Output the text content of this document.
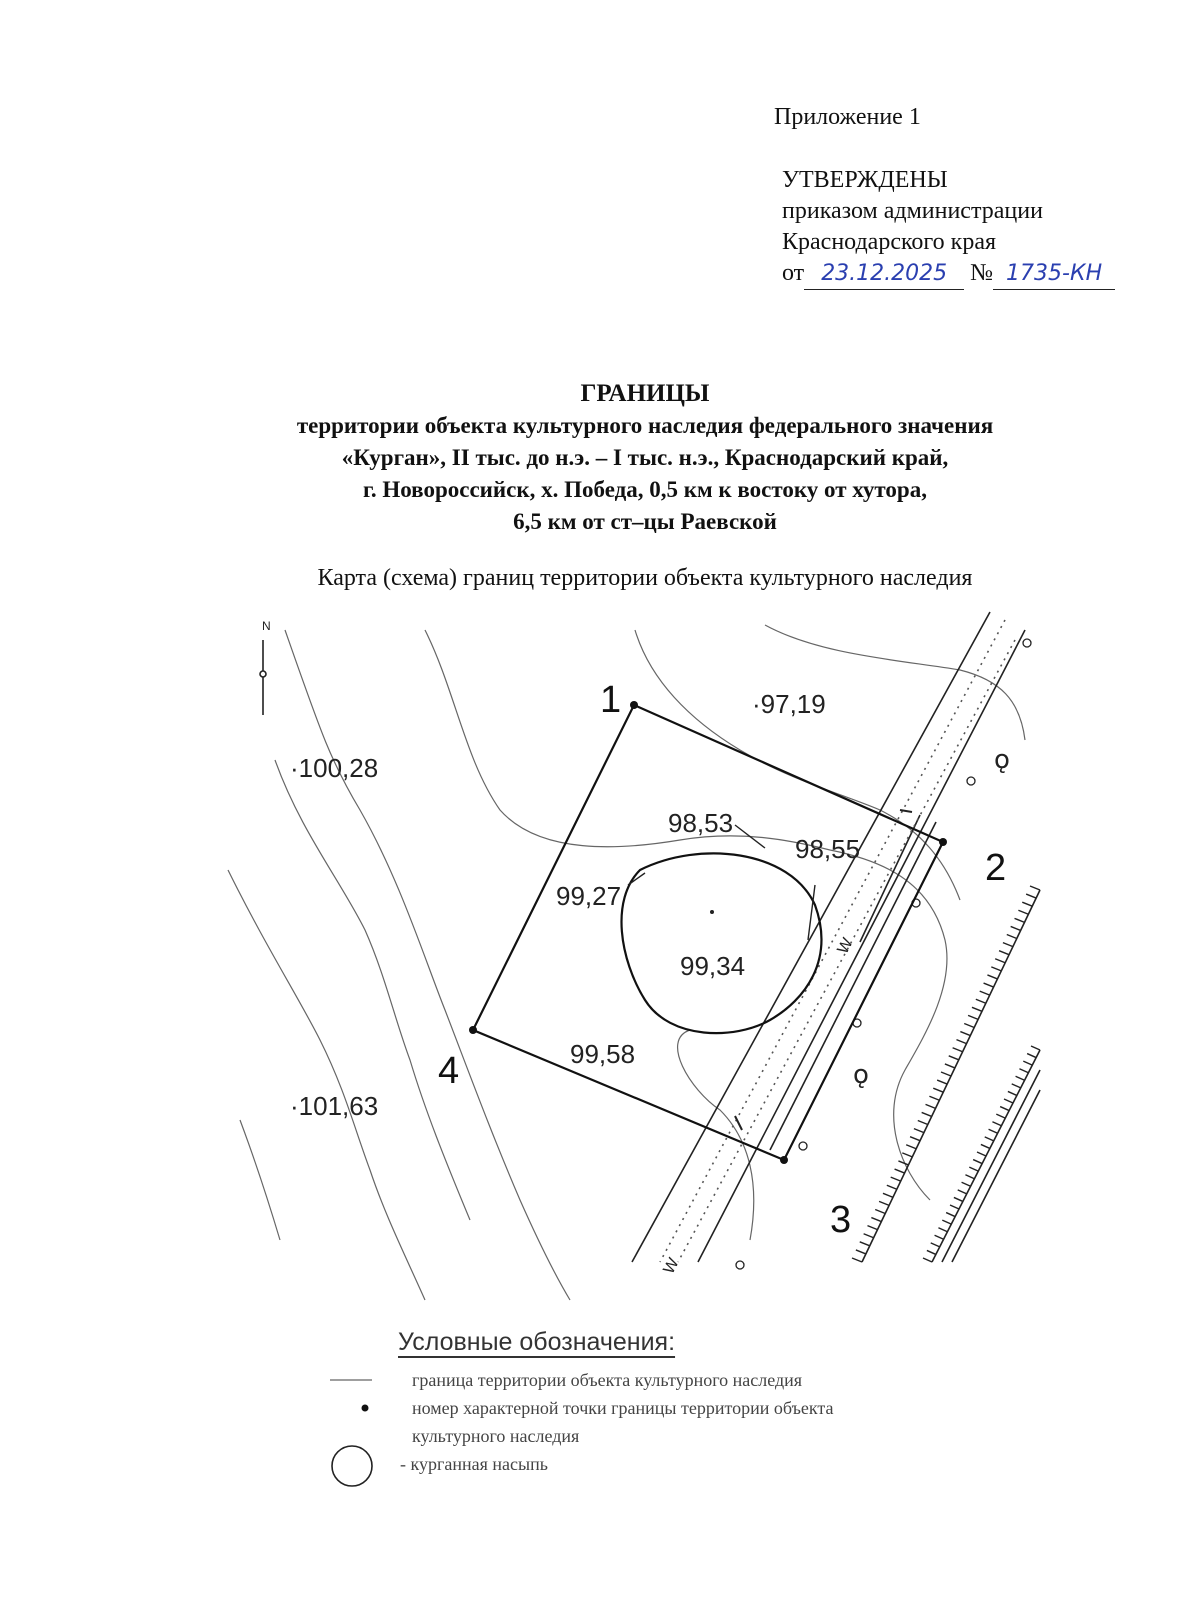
Приложение 1
УТВЕРЖДЕНЫ
приказом администрации
Краснодарского края
от 23.12.2025 № 1735-КН
ГРАНИЦЫ
территории объекта культурного наследия федерального значения
«Курган», II тыс. до н.э. – I тыс. н.э., Краснодарский край,
г. Новороссийск, х. Победа, 0,5 км к востоку от хутора,
6,5 км от ст–цы Раевской
Карта (схема) границ территории объекта культурного наследия
N
1
2
3
4
·97,19
·100,28
98,53
98,55
99,27
99,34
99,58
·101,63
W
W
ǫ
ǫ
Условные обозначения:
граница территории объекта культурного наследия
номер характерной точки границы территории объекта
культурного наследия
- курганная насыпь
